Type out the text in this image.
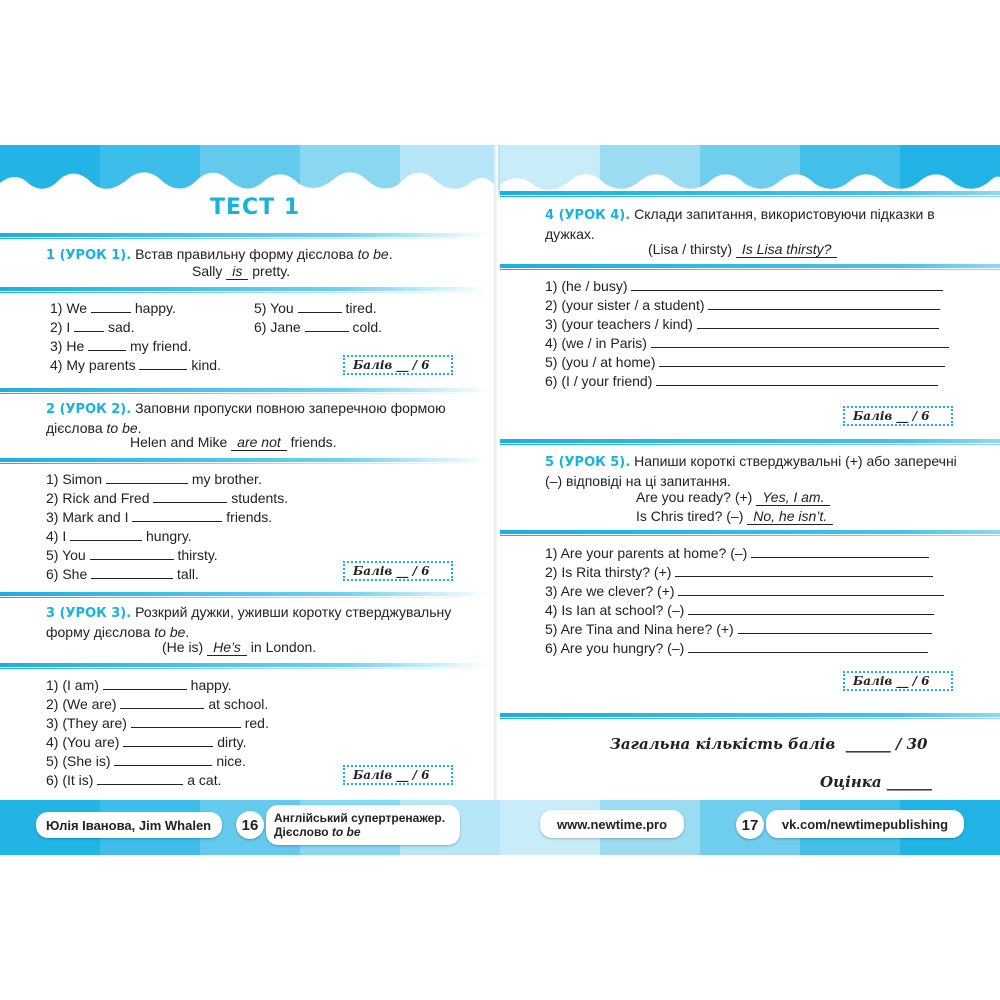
ТЕСТ 1
1 (УРОК 1). Встав правильну форму дієслова to be.
Sally is pretty.
1) We	happy.
2) I	sad.
3) He	my friend.
4) My parents	kind.
5) You	tired.
6) Jane	cold.
Балів __ / 6
2 (УРОК 2). Заповни пропуски повною заперечною формою дієслова to be.
Helen and Mike are not friends.
1) Simon	my brother.
2) Rick and Fred	students.
3) Mark and I	friends.
4) I	hungry.
5) You	thirsty.
6) She	tall.	Балів __ / 6
3 (УРОК 3). Розкрий дужки, уживши коротку стверджувальну форму дієслова to be.
(He is) He’s in London.
1) (I am)	happy.
2) (We are)	at school.
3) (They are)	red.
4) (You are)	dirty.
5) (She is)	nice.
6) (It is)	a cat.	Балів __ / 6
4 (УРОК 4). Склади запитання, використовуючи підказки в дужках.
(Lisa / thirsty) Is Lisa thirsty?
1) (he / busy)
2) (your sister / a student)
3) (your teachers / kind)
4) (we / in Paris)
5) (you / at home)
6) (I / your friend)
Балів __ / 6
5 (УРОК 5). Напиши короткі стверджувальні (+) або заперечні (–) відповіді на ці запитання.
Are you ready? (+) Yes, I am.
Is Chris tired? (–) No, he isn’t.
1) Are your parents at home? (–)
2) Is Rita thirsty? (+)
3) Are we clever? (+)
4) Is Ian at school? (–)
5) Are Tina and Nina here? (+)
6) Are you hungry? (–)
Балів __ / 6
Загальна кількість балів ______ / 30
Оцінка ______
Юлія Іванова, Jim Whalen	16	Англійський супертренажер.
Дієслово to be
www.newtime.pro	17	vk.com/newtimepublishing
